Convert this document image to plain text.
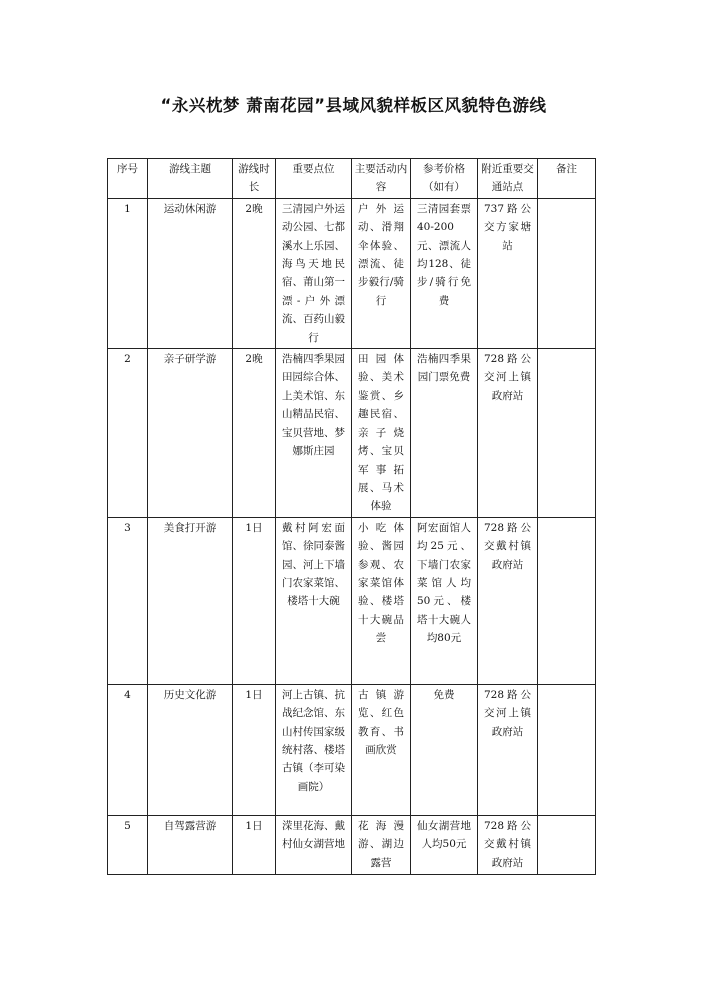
“永兴枕梦 萧南花园”县域风貌样板区风貌特色游线
序号	游线主题	游线时长	重要点位	主要活动内容	参考价格（如有）	附近重要交通站点	备注
1	运动休闲游	2晚	三清园户外运动公园、七都溪水上乐园、海鸟天地民宿、莆山第一漂-户外漂流、百药山毅行	户外运动、滑翔伞体验、漂流、徒步毅行/骑行	三清园套票40-200元、漂流人均128、徒步/骑行免费	737路公交方家塘站	

2	亲子研学游	2晚	浩楠四季果园田园综合体、上美术馆、东山精品民宿、宝贝营地、梦娜斯庄园	田园体验、美术鉴赏、乡趣民宿、亲子烧烤、宝贝军事拓展、马术体验	浩楠四季果园门票免费	728路公交河上镇政府站	

3	美食打开游	1日	戴村阿宏面馆、徐同泰酱园、河上下墙门农家菜馆、楼塔十大碗	小吃体验、酱园参观、农家菜馆体验、楼塔十大碗品尝	阿宏面馆人均25元、下墙门农家菜馆人均50元、楼塔十大碗人均80元	728路公交戴村镇政府站	

4	历史文化游	1日	河上古镇、抗战纪念馆、东山村传国家级统村落、楼塔古镇（李可染画院）	古镇游览、红色教育、书画欣赏	免费	728路公交河上镇政府站	

5	自驾露营游	1日	溁里花海、戴村仙女湖营地	花海漫游、湖边露营	仙女湖营地人均50元	728路公交戴村镇政府站	
